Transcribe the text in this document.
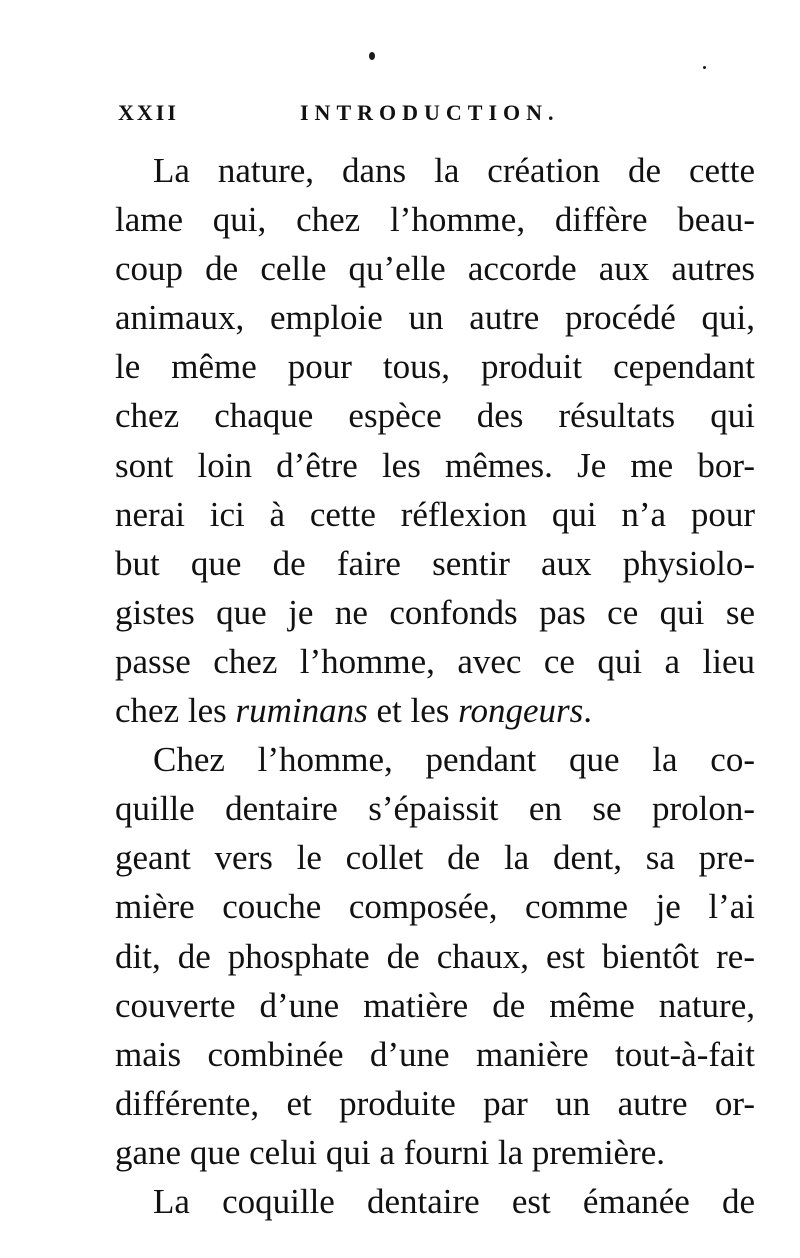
XXII	INTRODUCTION.
La nature, dans la création de cette
lame qui, chez l’homme, diffère beau-
coup de celle qu’elle accorde aux autres
animaux, emploie un autre procédé qui,
le même pour tous, produit cependant
chez chaque espèce des résultats qui
sont loin d’être les mêmes. Je me bor-
nerai ici à cette réflexion qui n’a pour
but que de faire sentir aux physiolo-
gistes que je ne confonds pas ce qui se
passe chez l’homme, avec ce qui a lieu
chez les ruminans et les rongeurs.
Chez l’homme, pendant que la co-
quille dentaire s’épaissit en se prolon-
geant vers le collet de la dent, sa pre-
mière couche composée, comme je l’ai
dit, de phosphate de chaux, est bientôt re-
couverte d’une matière de même nature,
mais combinée d’une manière tout-à-fait
différente, et produite par un autre or-
gane que celui qui a fourni la première.
La coquille dentaire est émanée de
